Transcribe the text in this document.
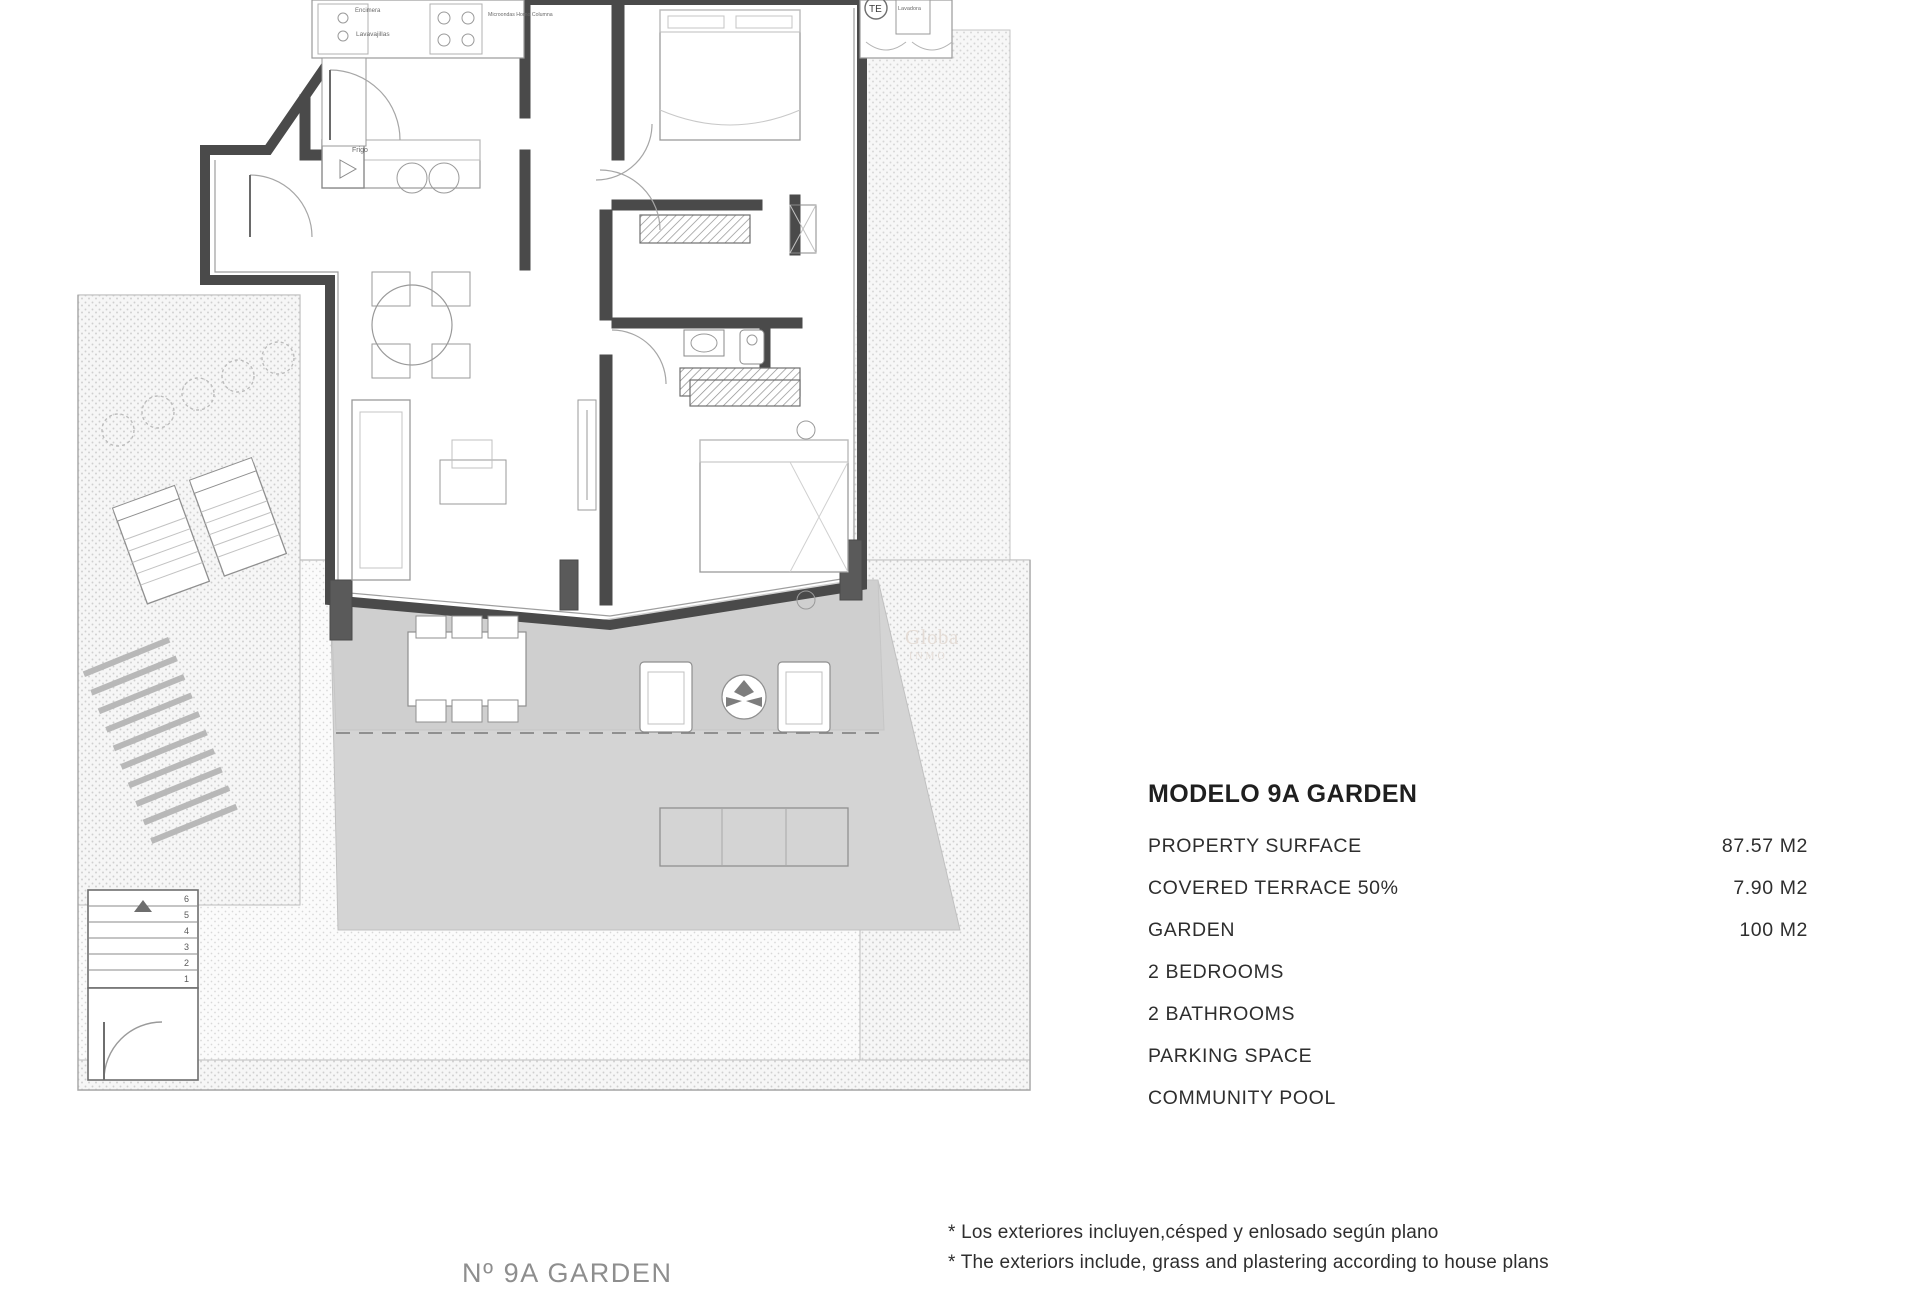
Lavavajillas
Microondas Horno Columna
Encimera
Frigo
TE	Lavadora
6
5
4
3
2
1
Globa
INMO
Nº 9A GARDEN
MODELO 9A GARDEN
PROPERTY SURFACE	87.57 M2
COVERED TERRACE 50%	7.90 M2
GARDEN	100 M2
2 BEDROOMS
2 BATHROOMS
PARKING SPACE
COMMUNITY POOL
* Los exteriores incluyen,césped y enlosado según plano
* The exteriors include, grass and plastering according to house plans
